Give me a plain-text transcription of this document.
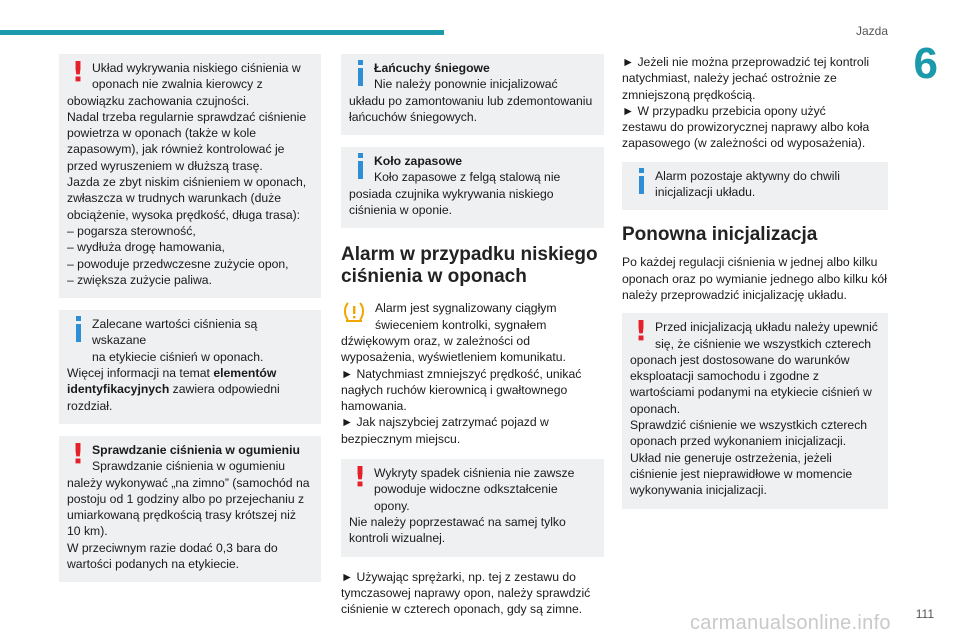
Jazda
6
111
carmanualsonline.info
! Układ wykrywania niskiego ciśnienia w

oponach nie zwalnia kierowcy z

obowiązku zachowania czujności.

Nadal trzeba regularnie sprawdzać ciśnienie

powietrza w oponach (także w kole

zapasowym), jak również kontrolować je

przed wyruszeniem w dłuższą trasę.

Jazda ze zbyt niskim ciśnieniem w oponach,

zwłaszcza w trudnych warunkach (duże

obciążenie, wysoka prędkość, długa trasa):

– pogarsza sterowność,

– wydłuża drogę hamowania,

– powoduje przedwczesne zużycie opon,

– zwiększa zużycie paliwa.

Zalecane wartości ciśnienia są wskazane

na etykiecie ciśnień w oponach.

Więcej informacji na temat elementów

identyfikacyjnych zawiera odpowiedni

rozdział.

! Sprawdzanie ciśnienia w ogumieniu

Sprawdzanie ciśnienia w ogumieniu

należy wykonywać „na zimno” (samochód na

postoju od 1 godziny albo po przejechaniu z

umiarkowaną prędkością trasy krótszej niż

10 km).

W przeciwnym razie dodać 0,3 bara do

wartości podanych na etykiecie.

Łańcuchy śniegowe

Nie należy ponownie inicjalizować

układu po zamontowaniu lub zdemontowaniu

łańcuchów śniegowych.

Koło zapasowe

Koło zapasowe z felgą stalową nie

posiada czujnika wykrywania niskiego

ciśnienia w oponie.

Alarm w przypadku niskiego
ciśnienia w oponach

Alarm jest sygnalizowany ciągłym

świeceniem kontrolki, sygnałem

dźwiękowym oraz, w zależności od

wyposażenia, wyświetleniem komunikatu.

► Natychmiast zmniejszyć prędkość, unikać

nagłych ruchów kierownicą i gwałtownego

hamowania.

► Jak najszybciej zatrzymać pojazd w

bezpiecznym miejscu.

! Wykryty spadek ciśnienia nie zawsze

powoduje widoczne odkształcenie opony.

Nie należy poprzestawać na samej tylko

kontroli wizualnej.

► Używając sprężarki, np. tej z zestawu do

tymczasowej naprawy opon, należy sprawdzić

ciśnienie w czterech oponach, gdy są zimne.

► Jeżeli nie można przeprowadzić tej kontroli

natychmiast, należy jechać ostrożnie ze

zmniejszoną prędkością.

► W przypadku przebicia opony użyć

zestawu do prowizorycznej naprawy albo koła

zapasowego (w zależności od wyposażenia).

Alarm pozostaje aktywny do chwili

inicjalizacji układu.

Ponowna inicjalizacja

Po każdej regulacji ciśnienia w jednej albo kilku

oponach oraz po wymianie jednego albo kilku kół

należy przeprowadzić inicjalizację układu.

! Przed inicjalizacją układu należy upewnić

się, że ciśnienie we wszystkich czterech

oponach jest dostosowane do warunków

eksploatacji samochodu i zgodne z

wartościami podanymi na etykiecie ciśnień w

oponach.

Sprawdzić ciśnienie we wszystkich czterech

oponach przed wykonaniem inicjalizacji.

Układ nie generuje ostrzeżenia, jeżeli

ciśnienie jest nieprawidłowe w momencie

wykonywania inicjalizacji.
